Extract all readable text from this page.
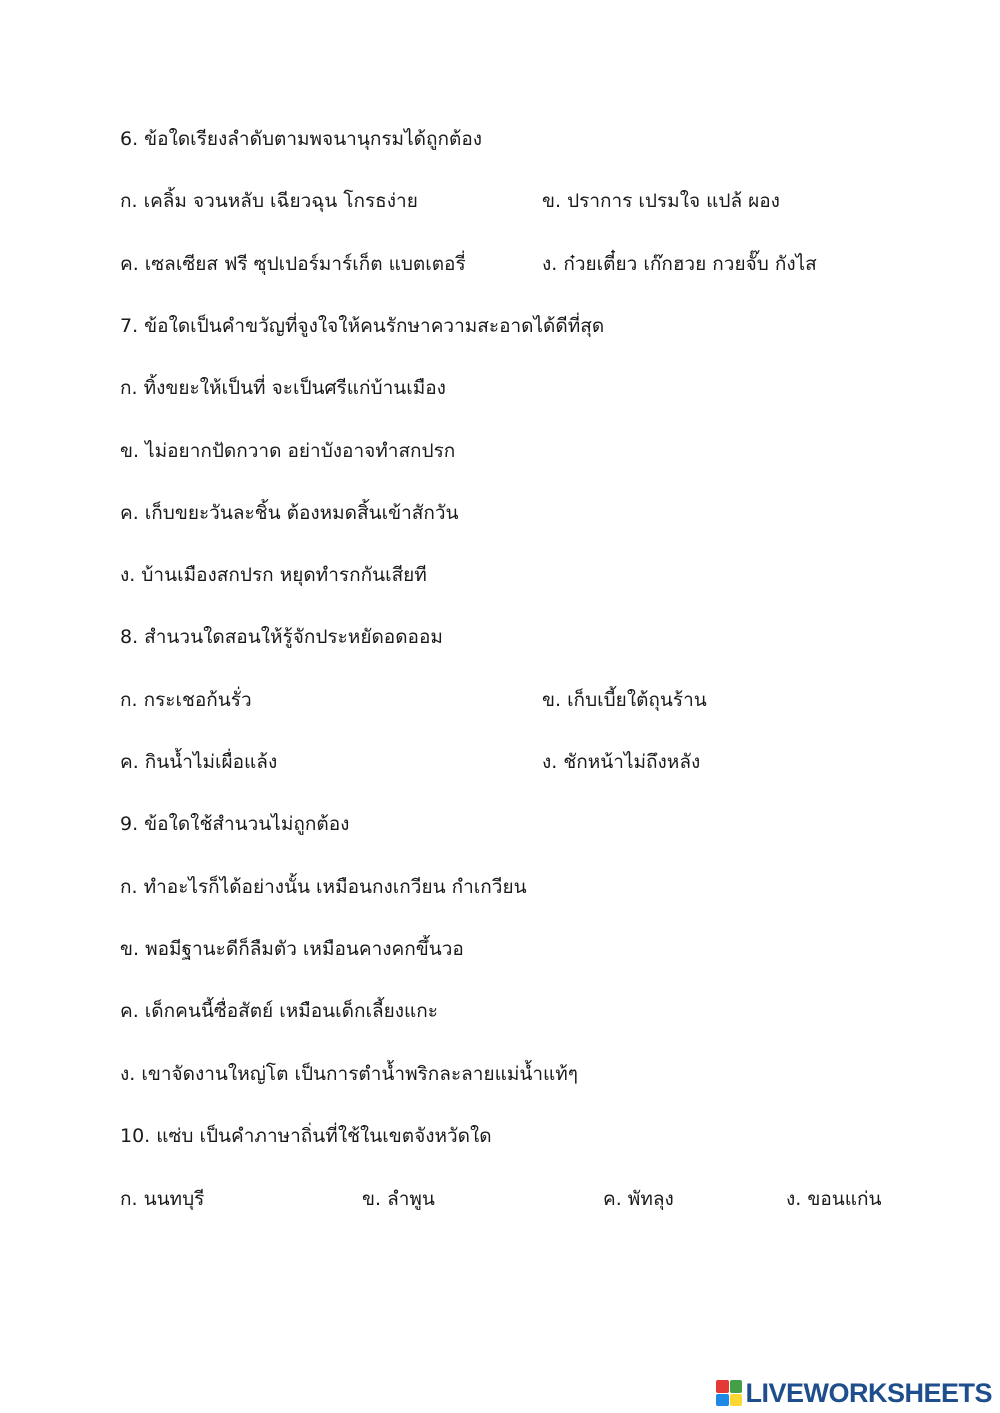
6. ข้อใดเรียงลำดับตามพจนานุกรมได้ถูกต้อง
ก. เคลิ้ม จวนหลับ เฉียวฉุน โกรธง่าย	ข. ปราการ เปรมใจ แปล้ ผอง
ค. เซลเซียส ฟรี ซุปเปอร์มาร์เก็ต แบตเตอรี่	ง. ก๋วยเตี๋ยว เก๊กฮวย กวยจั๊บ กังไส
7. ข้อใดเป็นคำขวัญที่จูงใจให้คนรักษาความสะอาดได้ดีที่สุด
ก. ทิ้งขยะให้เป็นที่ จะเป็นศรีแก่บ้านเมือง
ข. ไม่อยากปัดกวาด อย่าบังอาจทำสกปรก
ค. เก็บขยะวันละชิ้น ต้องหมดสิ้นเข้าสักวัน
ง. บ้านเมืองสกปรก หยุดทำรกกันเสียที
8. สำนวนใดสอนให้รู้จักประหยัดอดออม
ก. กระเชอก้นรั่ว	ข. เก็บเบี้ยใต้ถุนร้าน
ค. กินน้ำไม่เผื่อแล้ง	ง. ชักหน้าไม่ถึงหลัง
9. ข้อใดใช้สำนวนไม่ถูกต้อง
ก. ทำอะไรก็ได้อย่างนั้น เหมือนกงเกวียน กำเกวียน
ข. พอมีฐานะดีก็ลืมตัว เหมือนคางคกขึ้นวอ
ค. เด็กคนนี้ซื่อสัตย์ เหมือนเด็กเลี้ยงแกะ
ง. เขาจัดงานใหญ่โต เป็นการตำน้ำพริกละลายแม่น้ำแท้ๆ
10. แซ่บ เป็นคำภาษาถิ่นที่ใช้ในเขตจังหวัดใด
ก. นนทบุรี	ข. ลำพูน	ค. พัทลุง	ง. ขอนแก่น
LIVEWORKSHEETS
